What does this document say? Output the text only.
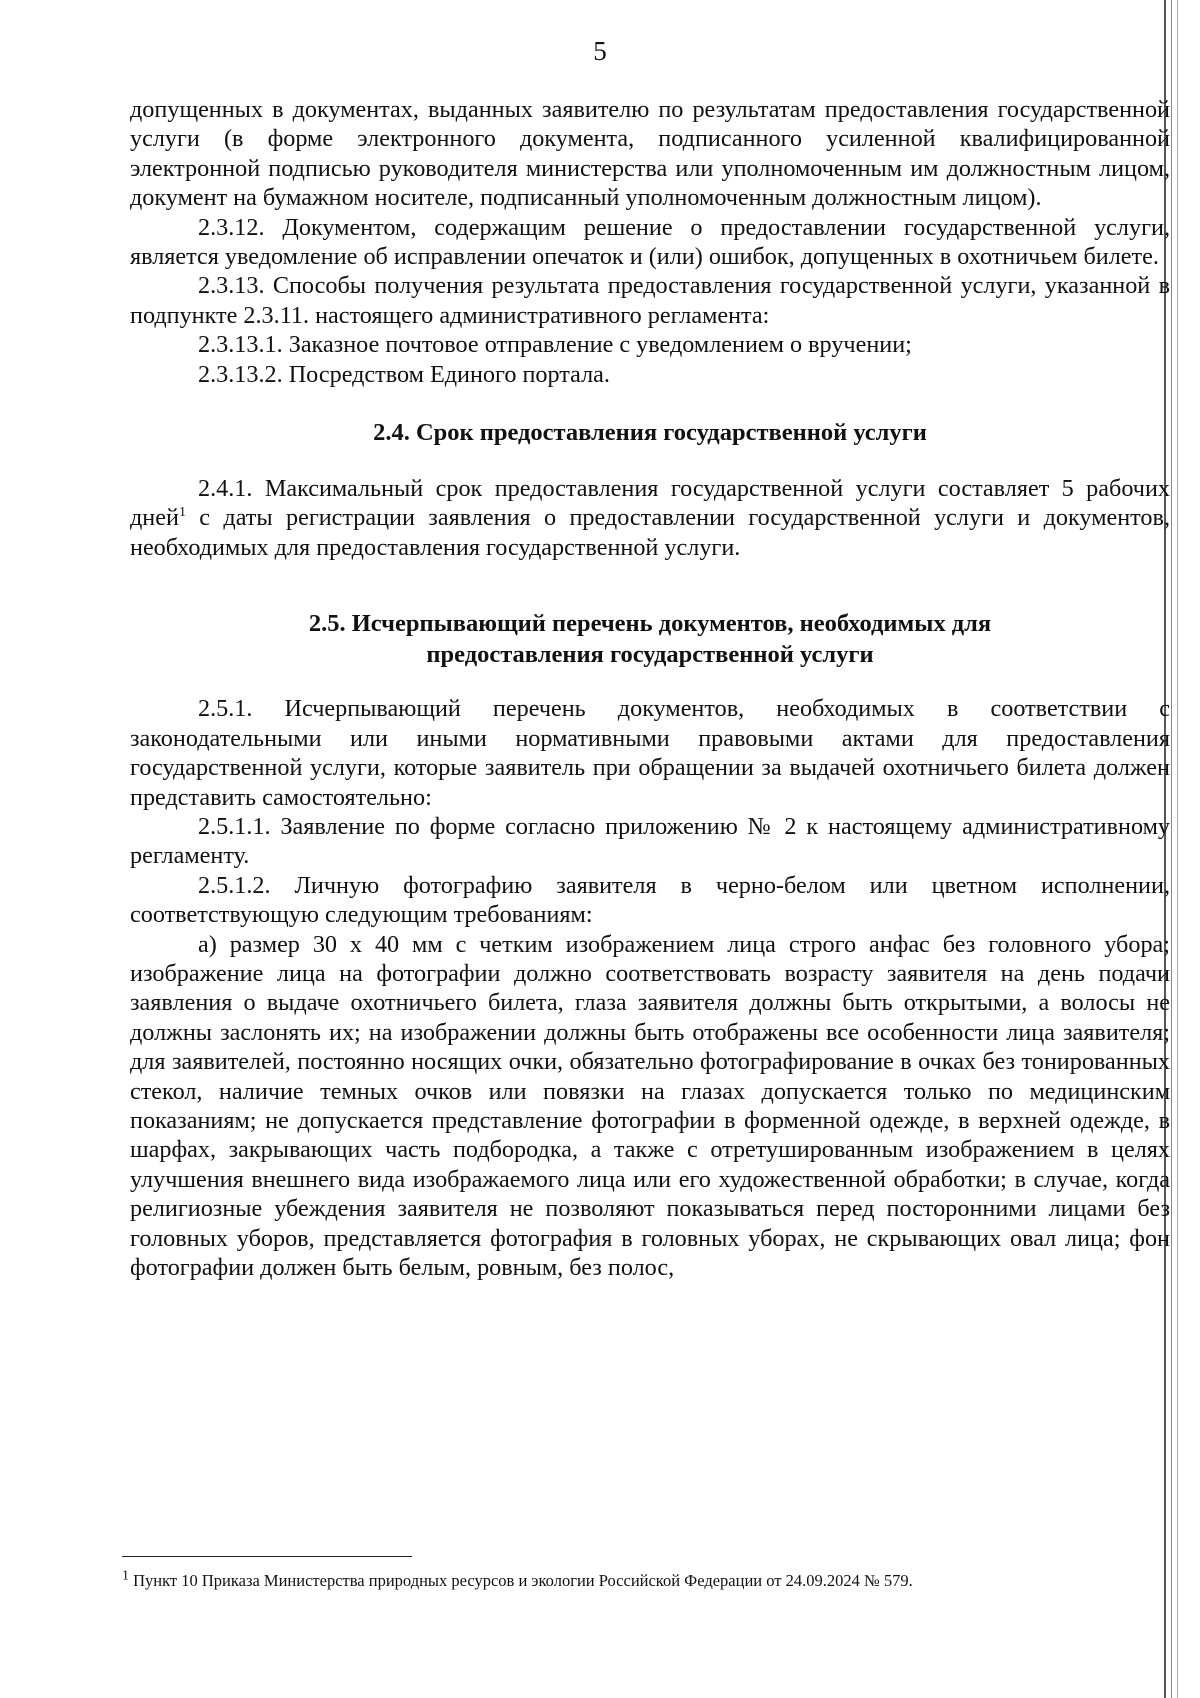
5

допущенных в документах, выданных заявителю по результатам предоставления государственной услуги (в форме электронного документа, подписанного усиленной квалифицированной электронной подписью руководителя министерства или уполномоченным им должностным лицом, документ на бумажном носителе, подписанный уполномоченным должностным лицом).

2.3.12. Документом, содержащим решение о предоставлении государственной услуги, является уведомление об исправлении опечаток и (или) ошибок, допущенных в охотничьем билете.

2.3.13. Способы получения результата предоставления государственной услуги, указанной в подпункте 2.3.11. настоящего административного регламента:

2.3.13.1. Заказное почтовое отправление с уведомлением о вручении;

2.3.13.2. Посредством Единого портала.

2.4. Срок предоставления государственной услуги

2.4.1. Максимальный срок предоставления государственной услуги составляет 5 рабочих дней$^1$ с даты регистрации заявления о предоставлении государственной услуги и документов, необходимых для предоставления государственной услуги.

2.5. Исчерпывающий перечень документов, необходимых для
предоставления государственной услуги

2.5.1. Исчерпывающий перечень документов, необходимых в соответствии с законодательными или иными нормативными правовыми актами для предоставления государственной услуги, которые заявитель при обращении за выдачей охотничьего билета должен представить самостоятельно:

2.5.1.1. Заявление по форме согласно приложению № 2 к настоящему административному регламенту.

2.5.1.2. Личную фотографию заявителя в черно-белом или цветном исполнении, соответствующую следующим требованиям:

а) размер 30 х 40 мм с четким изображением лица строго анфас без головного убора; изображение лица на фотографии должно соответствовать возрасту заявителя на день подачи заявления о выдаче охотничьего билета, глаза заявителя должны быть открытыми, а волосы не должны заслонять их; на изображении должны быть отображены все особенности лица заявителя; для заявителей, постоянно носящих очки, обязательно фотографирование в очках без тонированных стекол, наличие темных очков или повязки на глазах допускается только по медицинским показаниям; не допускается представление фотографии в форменной одежде, в верхней одежде, в шарфах, закрывающих часть подбородка, а также с отретушированным изображением в целях улучшения внешнего вида изображаемого лица или его художественной обработки; в случае, когда религиозные убеждения заявителя не позволяют показываться перед посторонними лицами без головных уборов, представляется фотография в головных уборах, не скрывающих овал лица; фон фотографии должен быть белым, ровным, без полос,

$^1$ Пункт 10 Приказа Министерства природных ресурсов и экологии Российской Федерации от 24.09.2024 № 579.
